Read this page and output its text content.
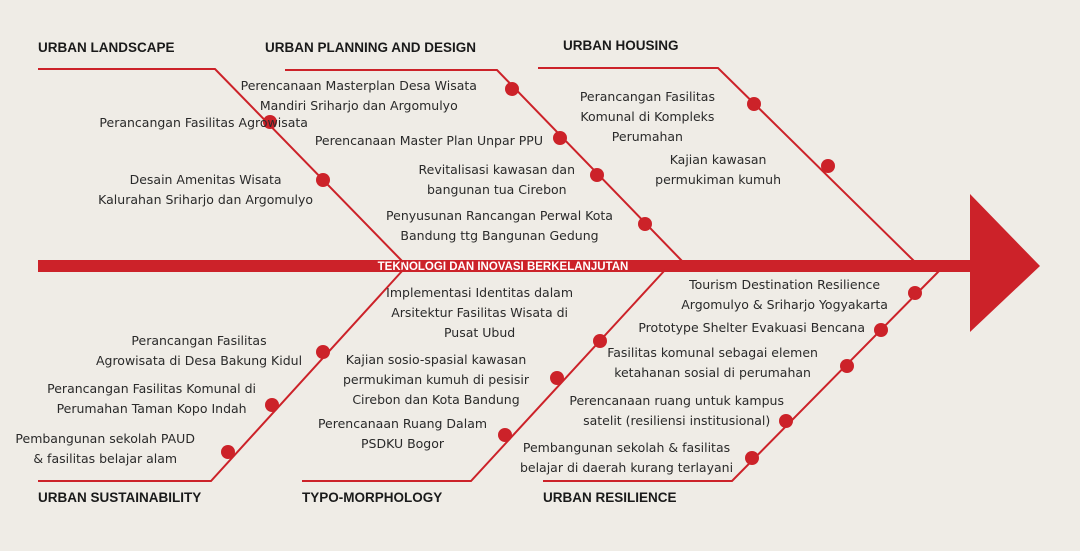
TEKNOLOGI DAN INOVASI BERKELANJUTAN
URBAN LANDSCAPE
Perancangan Fasilitas Agrowisata
Desain Amenitas Wisata
Kalurahan Sriharjo dan Argomulyo
URBAN PLANNING AND DESIGN
Perencanaan Masterplan Desa Wisata
Mandiri Sriharjo dan Argomulyo
Perencanaan Master Plan Unpar PPU
Revitalisasi kawasan dan
bangunan tua Cirebon
Penyusunan Rancangan Perwal Kota
Bandung ttg Bangunan Gedung
URBAN HOUSING
Perancangan Fasilitas
Komunal di Kompleks
Perumahan
Kajian kawasan
permukiman kumuh
URBAN SUSTAINABILITY
Perancangan Fasilitas
Agrowisata di Desa Bakung Kidul
Perancangan Fasilitas Komunal di
Perumahan Taman Kopo Indah
Pembangunan sekolah PAUD
& fasilitas belajar alam
TYPO-MORPHOLOGY
Implementasi Identitas dalam
Arsitektur Fasilitas Wisata di
Pusat Ubud
Kajian sosio-spasial kawasan
permukiman kumuh di pesisir
Cirebon dan Kota Bandung
Perencanaan Ruang Dalam
PSDKU Bogor
URBAN RESILIENCE
Tourism Destination Resilience
Argomulyo & Sriharjo Yogyakarta
Prototype Shelter Evakuasi Bencana
Fasilitas komunal sebagai elemen
ketahanan sosial di perumahan
Perencanaan ruang untuk kampus
satelit (resiliensi institusional)
Pembangunan sekolah & fasilitas
belajar di daerah kurang terlayani
